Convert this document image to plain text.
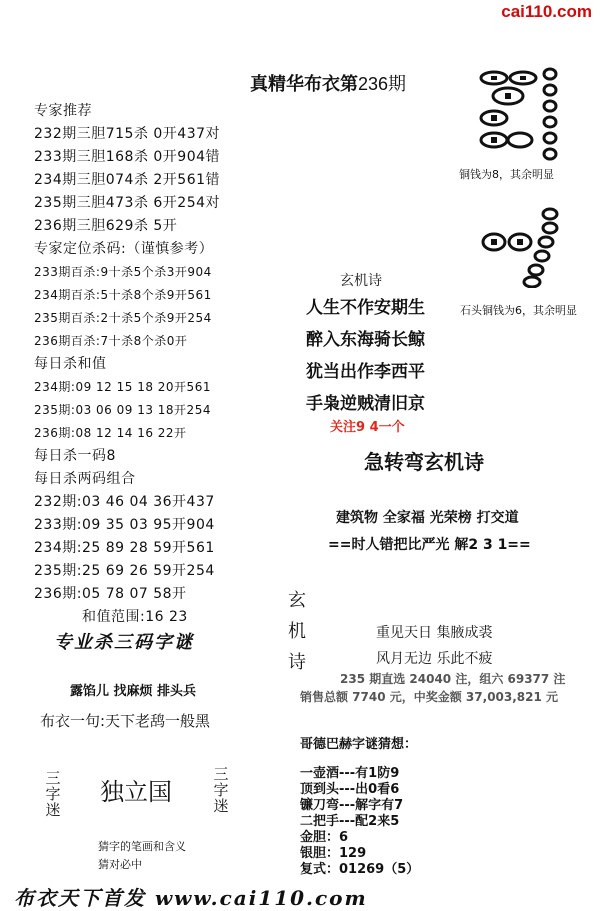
cai110.com
真精华布衣第236期
专家推荐
232期三胆715杀 0开437对
233期三胆168杀 0开904错
234期三胆074杀 2开561错
235期三胆473杀 6开254对
236期三胆629杀 5开
专家定位杀码:（谨慎参考）
233期百杀:9十杀5个杀3开904
234期百杀:5十杀8个杀9开561
235期百杀:2十杀5个杀9开254
236期百杀:7十杀8个杀0开
每日杀和值
234期:09 12 15 18 20开561
235期:03 06 09 13 18开254
236期:08 12 14 16 22开
每日杀一码8
每日杀两码组合
232期:03 46 04 36开437
233期:09 35 03 95开904
234期:25 89 28 59开561
235期:25 69 26 59开254
236期:05 78 07 58开
和值范围:16 23
专业杀三码字谜
露馅儿 找麻烦 排头兵
布衣一句:天下老鸹一般黑
三字迷
独立国
三字迷
猜字的笔画和含义
猜对必中
布衣天下首发 www.cai110.com
铜钱为8，其余明显
石头铜钱为6，其余明显
玄机诗
人生不作安期生
醉入东海骑长鲸
犹当出作李西平
手枭逆贼清旧京
关注9 4一个
急转弯玄机诗
建筑物 全家福 光荣榜 打交道
==时人错把比严光 解2 3 1==
玄机诗
重见天日 集腋成裘
风月无边 乐此不疲
235 期直选 24040 注，组六 69377 注
销售总额 7740 元，中奖金额 37,003,821 元
哥德巴赫字谜猜想：
一壶酒---有1防9
顶到头---出0看6
镰刀弯---解字有7
二把手---配2来5
金胆：6
银胆：129
复式：01269（5）
